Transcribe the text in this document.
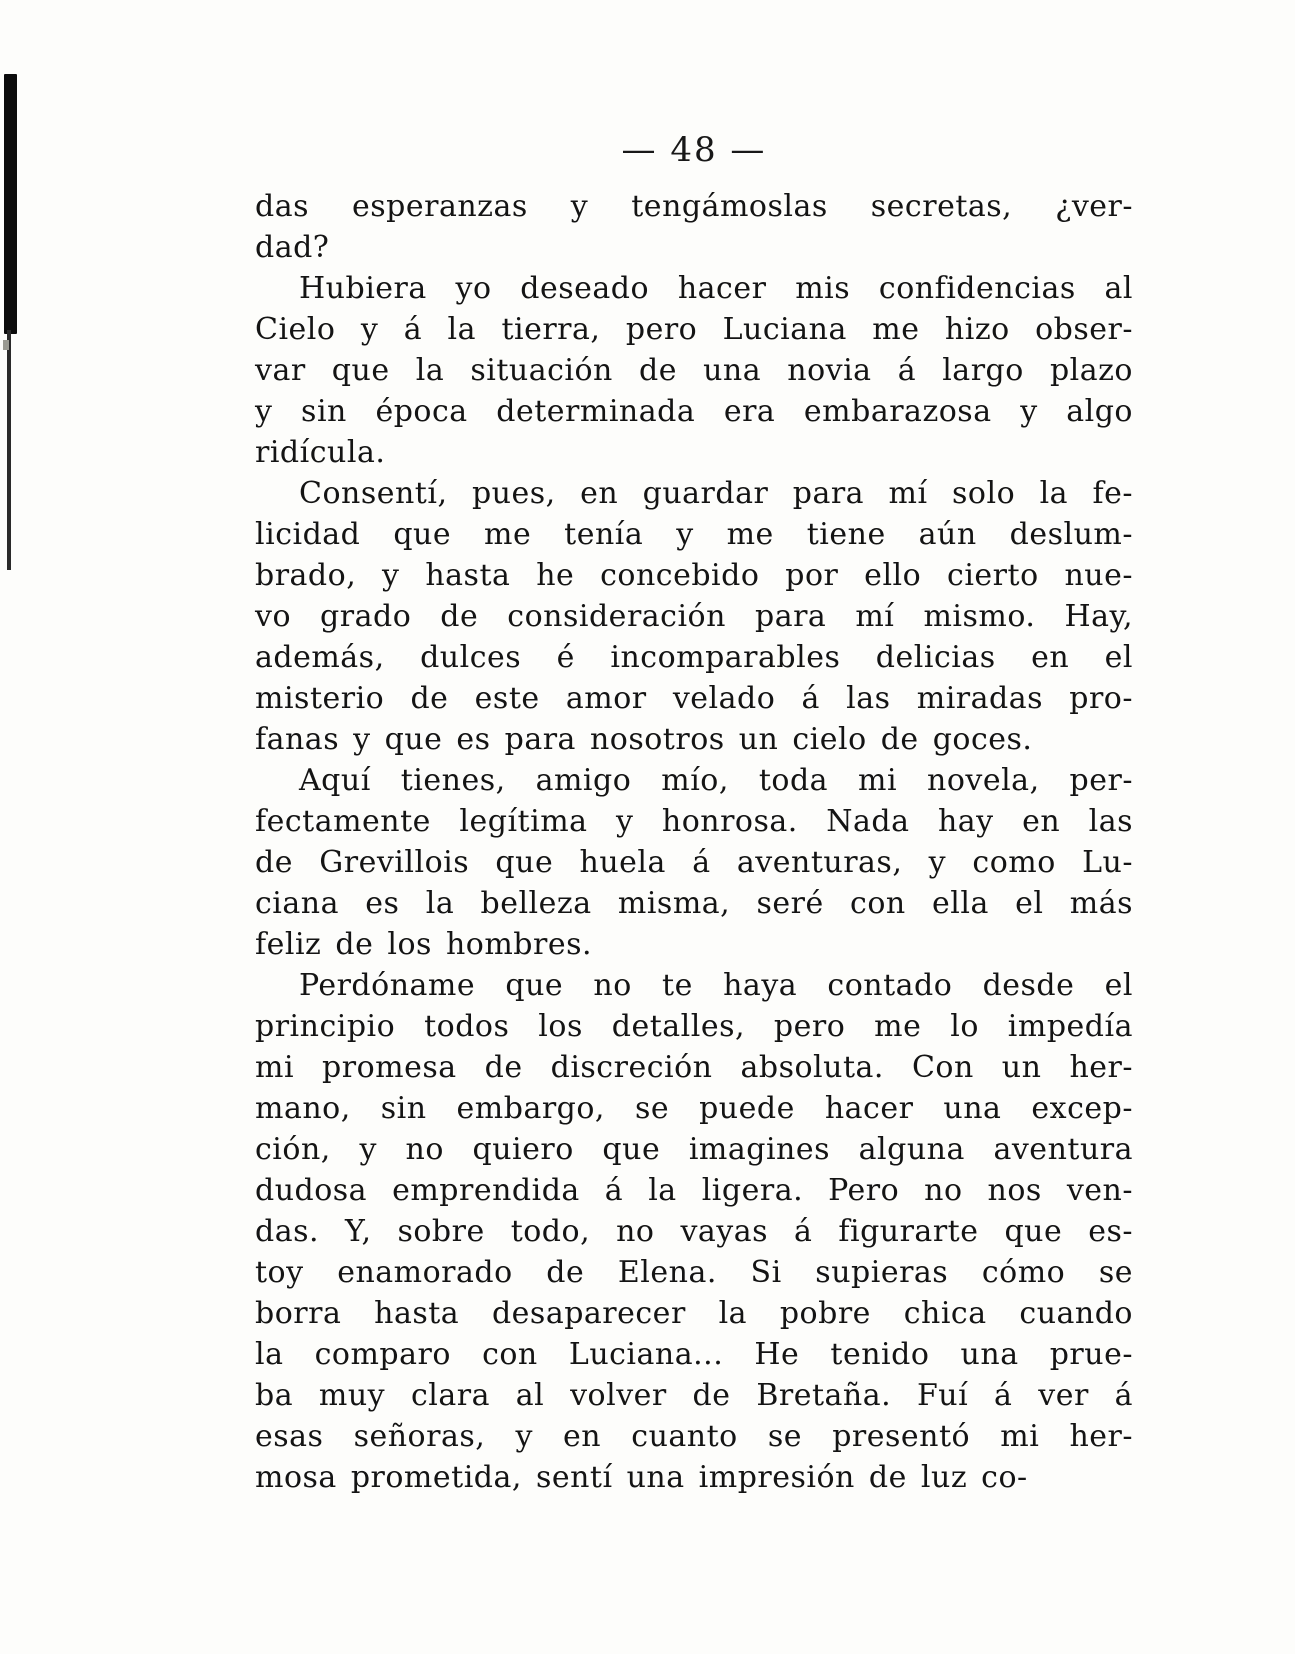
— 48 —
das esperanzas y tengámoslas secretas, ¿ver-
dad?
Hubiera yo deseado hacer mis confidencias al
Cielo y á la tierra, pero Luciana me hizo obser-
var que la situación de una novia á largo plazo
y sin época determinada era embarazosa y algo
ridícula.
Consentí, pues, en guardar para mí solo la fe-
licidad que me tenía y me tiene aún deslum-
brado, y hasta he concebido por ello cierto nue-
vo grado de consideración para mí mismo. Hay,
además, dulces é incomparables delicias en el
misterio de este amor velado á las miradas pro-
fanas y que es para nosotros un cielo de goces.
Aquí tienes, amigo mío, toda mi novela, per-
fectamente legítima y honrosa. Nada hay en las
de Grevillois que huela á aventuras, y como Lu-
ciana es la belleza misma, seré con ella el más
feliz de los hombres.
Perdóname que no te haya contado desde el
principio todos los detalles, pero me lo impedía
mi promesa de discreción absoluta. Con un her-
mano, sin embargo, se puede hacer una excep-
ción, y no quiero que imagines alguna aventura
dudosa emprendida á la ligera. Pero no nos ven-
das. Y, sobre todo, no vayas á figurarte que es-
toy enamorado de Elena. Si supieras cómo se
borra hasta desaparecer la pobre chica cuando
la comparo con Luciana... He tenido una prue-
ba muy clara al volver de Bretaña. Fuí á ver á
esas señoras, y en cuanto se presentó mi her-
mosa prometida, sentí una impresión de luz co-
